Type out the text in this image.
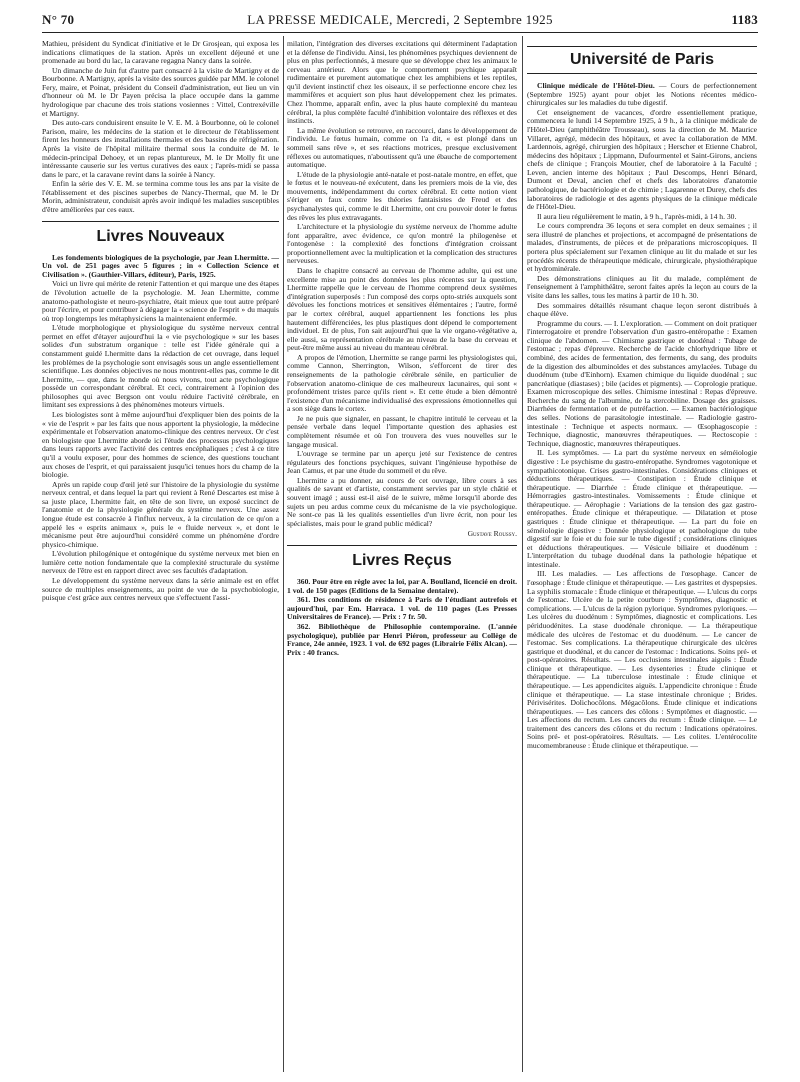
N° 70	LA PRESSE MEDICALE, Mercredi, 2 Septembre 1925	1183

Mathieu, président du Syndicat d'initiative et le Dr Grosjean, qui exposa les indications climatiques de la station. Après un excellent déjeuné et une promenade au bord du lac, la caravane regagna Nancy dans la soirée.

Un dimanche de Juin fut d'autre part consacré à la visite de Martigny et de Bourbonne. A Martigny, après la visite des sources guidée par MM. le colonel Fery, maire, et Poinat, président du Conseil d'administration, eut lieu un vin d'honneur où M. le Dr Payen précisa la place occupée dans la gamme hydrologique par chacune des trois stations vosiennes : Vittel, Contrexéville et Martigny.

Des auto-cars conduisirent ensuite le V. E. M. à Bourbonne, où le colonel Parison, maire, les médecins de la station et le directeur de l'établissement firent les honneurs des installations thermales et des bassins de réfrigération. Après la visite de l'hôpital militaire thermal sous la conduite de M. le médecin-principal Dehoey, et un repas plantureux, M. le Dr Molly fit une intéressante causerie sur les vertus curatives des eaux ; l'après-midi se passa dans le parc, et la caravane revint dans la soirée à Nancy.

Enfin la série des V. E. M. se termina comme tous les ans par la visite de l'établissement et des piscines superbes de Nancy-Thermal, que M. le Dr Morin, administrateur, conduisit après avoir indiqué les maladies susceptibles d'être améliorées par ces eaux.

Livres Nouveaux

Les fondements biologiques de la psychologie, par Jean Lhermitte. — Un vol. de 251 pages avec 5 figures ; in « Collection Science et Civilisation ». (Gauthier-Villars, éditeur), Paris, 1925.

Voici un livre qui mérite de retenir l'attention et qui marque une des étapes de l'évolution actuelle de la psychologie. M. Jean Lhermitte, comme anatomo-pathologiste et neuro-psychiatre, était mieux que tout autre préparé pour l'écrire, et pour contribuer à dégager la « science de l'esprit » du maquis où trop longtemps les métaphysiciens la maintenaient enfermée.

L'étude morphologique et physiologique du système nerveux central permet en effet d'étayer aujourd'hui la « vie psychologique » sur les bases solides d'un substratum organique : telle est l'idée générale qui a constamment guidé Lhermitte dans la rédaction de cet ouvrage, dans lequel les problèmes de la psychologie sont envisagés sous un angle essentiellement scientifique. Les données objectives ne nous montrent-elles pas, comme le dit Lhermitte, — que, dans le monde où nous vivons, tout acte psychologique possède un correspondant cérébral. Et ceci, contrairement à l'opinion des philosophes qui avec Bergson ont voulu réduire l'activité cérébrale, en limitant ses expressions à des phénomènes moteurs virtuels.

Les biologistes sont à même aujourd'hui d'expliquer bien des points de la « vie de l'esprit » par les faits que nous apportent la physiologie, la médecine expérimentale et l'observation anatomo-clinique des centres nerveux. Or c'est en biologiste que Lhermitte aborde ici l'étude des processus psychologiques dans leurs rapports avec l'activité des centres encéphaliques ; c'est à ce titre qu'il a voulu exposer, pour des hommes de science, des questions touchant aux choses de l'esprit, et qui paraissaient jusqu'ici tenues hors du champ de la biologie.

Après un rapide coup d'œil jeté sur l'histoire de la physiologie du système nerveux central, et dans lequel la part qui revient à René Descartes est mise à sa juste place, Lhermitte fait, en tête de son livre, un exposé succinct de l'anatomie et de la physiologie générale du système nerveux. Une assez longue étude est consacrée à l'influx nerveux, à la circulation de ce qu'on a appelé les « esprits animaux », puis le « fluide nerveux », et dont le mécanisme peut être aujourd'hui considéré comme un phénomène d'ordre physico-chimique.

L'évolution philogénique et ontogénique du système nerveux met bien en lumière cette notion fondamentale que la complexité structurale du système nerveux de l'être est en rapport direct avec ses facultés d'adaptation.

Le développement du système nerveux dans la série animale est en effet source de multiples enseignements, au point de vue de la psychobiologie, puisque c'est grâce aux centres nerveux que s'effectuent l'assi-

milation, l'intégration des diverses excitations qui déterminent l'adaptation et la défense de l'individu. Ainsi, les phénomènes psychiques deviennent de plus en plus perfectionnés, à mesure que se développe chez les animaux le cerveau antérieur. Alors que le comportement psychique apparaît rudimentaire et purement automatique chez les amphibiens et les reptiles, qu'il devient instinctif chez les oiseaux, il se perfectionne encore chez les mammifères et acquiert son plus haut développement chez les primates. Chez l'homme, apparaît enfin, avec la plus haute complexité du manteau cérébral, la plus complète faculté d'inhibition volontaire des réflexes et des instincts.

La même évolution se retrouve, en raccourci, dans le développement de l'individu. Le fœtus humain, comme on l'a dit, « est plongé dans un sommeil sans rêve », et ses réactions motrices, presque exclusivement réflexes ou automatiques, n'aboutissent qu'à une ébauche de comportement automatique.

L'étude de la physiologie anté-natale et post-natale montre, en effet, que le fœtus et le nouveau-né exécutent, dans les premiers mois de la vie, des mouvements, indépendamment du cortex cérébral. Et cette notion vient s'ériger en faux contre les théories fantaisistes de Freud et des psychanalystes qui, comme le dit Lhermitte, ont cru pouvoir doter le fœtus des rêves les plus extravagants.

L'architecture et la physiologie du système nerveux de l'homme adulte font apparaître, avec évidence, ce qu'on montré la philogenèse et l'ontogenèse : la complexité des fonctions d'intégration croissant proportionnellement avec la multiplication et la complication des structures nerveuses.

Dans le chapitre consacré au cerveau de l'homme adulte, qui est une excellente mise au point des données les plus récentes sur la question, Lhermitte rappelle que le cerveau de l'homme comprend deux systèmes d'intégration superposés : l'un composé des corps opto-striés auxquels sont dévolues les fonctions motrices et sensitives élémentaires ; l'autre, formé par le cortex cérébral, auquel appartiennent les fonctions les plus hautement différenciées, les plus plastiques dont dépend le comportement individuel. Et de plus, l'on sait aujourd'hui que la vie organo-végétative a, elle aussi, sa représentation cérébrale au niveau de la base du cerveau et peut-être même aussi au niveau du manteau cérébral.

A propos de l'émotion, Lhermitte se range parmi les physiologistes qui, comme Cannon, Sherrington, Wilson, s'efforcent de tirer des renseignements de la pathologie cérébrale sénile, en particulier de l'observation anatomo-clinique de ces malheureux lacunaires, qui sont « profondément tristes parce qu'ils rient ». Et cette étude a bien démontré l'existence d'un mécanisme individualisé des expressions émotionnelles qui a son siège dans le cortex.

Je ne puis que signaler, en passant, le chapitre intitulé le cerveau et la pensée verbale dans lequel l'importante question des aphasies est complètement résumée et où l'on trouvera des vues nouvelles sur le langage musical.

L'ouvrage se termine par un aperçu jeté sur l'existence de centres régulateurs des fonctions psychiques, suivant l'ingénieuse hypothèse de Jean Camus, et par une étude du sommeil et du rêve.

Lhermitte a pu donner, au cours de cet ouvrage, libre cours à ses qualités de savant et d'artiste, constamment servies par un style châtié et souvent imagé ; aussi est-il aisé de le suivre, même lorsqu'il aborde des sujets un peu ardus comme ceux du mécanisme de la vie psychologique. Ne sont-ce pas là les qualités essentielles d'un livre écrit, non pour les spécialistes, mais pour le grand public médical?

Gustave Roussy.
Livres Reçus

360. Pour être en règle avec la loi, par A. Boulland, licencié en droit. 1 vol. de 150 pages (Editions de la Semaine dentaire).

361. Des conditions de résidence à Paris de l'étudiant autrefois et aujourd'hui, par Em. Harraca. 1 vol. de 110 pages (Les Presses Universitaires de France). — Prix : 7 fr. 50.

362. Bibliothèque de Philosophie contemporaine. (L'année psychologique), publiée par Henri Piéron, professeur au Collège de France, 24e année, 1923. 1 vol. de 692 pages (Librairie Félix Alcan). — Prix : 40 francs.

Université de Paris

Clinique médicale de l'Hôtel-Dieu. — Cours de perfectionnement (Septembre 1925) ayant pour objet les Notions récentes médico-chirurgicales sur les maladies du tube digestif.

Cet enseignement de vacances, d'ordre essentiellement pratique, commencera le lundi 14 Septembre 1925, à 9 h., à la clinique médicale de l'Hôtel-Dieu (amphithéâtre Trousseau), sous la direction de M. Maurice Villaret, agrégé, médecin des hôpitaux, et avec la collaboration de MM. Lardennois, agrégé, chirurgien des hôpitaux ; Herscher et Etienne Chabrol, médecins des hôpitaux ; Lippmann, Dufourmentel et Saint-Girons, anciens chefs de clinique ; François Moutier, chef de laboratoire à la Faculté ; Leven, ancien interne des hôpitaux ; Paul Descomps, Henri Bénard, Dumont et Deval, ancien chef et chefs des laboratoires d'anatomie pathologique, de bactériologie et de chimie ; Lagarenne et Durey, chefs des laboratoires de radiologie et des agents physiques de la clinique médicale de l'Hôtel-Dieu.

Il aura lieu régulièrement le matin, à 9 h., l'après-midi, à 14 h. 30.

Le cours comprendra 36 leçons et sera complet en deux semaines ; il sera illustré de planches et projections, et accompagné de présentations de malades, d'instruments, de pièces et de préparations microscopiques. Il portera plus spécialement sur l'examen clinique au lit du malade et sur les procédés récents de thérapeutique médicale, chirurgicale, physiothérapique et hydrominérale.

Des démonstrations cliniques au lit du malade, complément de l'enseignement à l'amphithéâtre, seront faites après la leçon au cours de la visite dans les salles, tous les matins à partir de 10 h. 30.

Des sommaires détaillés résumant chaque leçon seront distribués à chaque élève.

Programme du cours. — I. L'exploration. — Comment on doit pratiquer l'interrogatoire et prendre l'observation d'un gastro-entéropathe : Examen clinique de l'abdomen. — Chimisme gastrique et duodénal : Tubage de l'estomac ; repas d'épreuve. Recherche de l'acide chlorhydrique libre et combiné, des acides de fermentation, des ferments, du sang, des produits de la digestion des albuminoïdes et des substances amylacées. Tubage du duodénum (tube d'Einhorn). Examen chimique du liquide duodénal ; suc pancréatique (diastases) ; bile (acides et pigments). — Coprologie pratique. Examen microscopique des selles. Chimisme intestinal : Repas d'épreuve. Recherche du sang de l'albumine, de la stercobiline. Dosage des graisses. Diarrhées de fermentation et de putréfaction. — Examen bactériologique des selles. Notions de parasitologie intestinale. — Radiologie gastro-intestinale : Technique et aspects normaux. — Œsophagoscopie : Technique, diagnostic, manœuvres thérapeutiques. — Rectoscopie : Technique, diagnostic, manœuvres thérapeutiques.

II. Les symptômes. — La part du système nerveux en séméiologie digestive : Le psychisme du gastro-entéropathe. Syndromes vagotonique et sympathicotonique. Crises gastro-intestinales. Considérations cliniques et déductions thérapeutiques. — Constipation : Étude clinique et thérapeutique. — Diarrhée : Étude clinique et thérapeutique. — Hémorragies gastro-intestinales. Vomissements : Étude clinique et thérapeutique. — Aérophagie : Variations de la tension des gaz gastro-entéropathes. Étude clinique et thérapeutique. — Dilatation et ptose gastriques : Étude clinique et thérapeutique. — La part du foie en séméiologie digestive : Donnée physiologique et pathologique du tube digestif sur le foie et du foie sur le tube digestif ; considérations cliniques et déductions thérapeutiques. — Vésicule biliaire et duodénum : L'interprétation du tubage duodénal dans la pathologie hépatique et intestinale.

III. Les maladies. — Les affections de l'œsophage. Cancer de l'œsophage : Étude clinique et thérapeutique. — Les gastrites et dyspepsies. La syphilis stomacale : Étude clinique et thérapeutique. — L'ulcus du corps de l'estomac. Ulcère de la petite courbure : Symptômes, diagnostic et complications. — L'ulcus de la région pylorique. Syndromes pyloriques. — Les ulcères du duodénum : Symptômes, diagnostic et complications. Les périduodénites. La stase duodénale chronique. — La thérapeutique médicale des ulcères de l'estomac et du duodénum. — Le cancer de l'estomac. Ses complications. La thérapeutique chirurgicale des ulcères gastrique et duodénal, et du cancer de l'estomac : Indications. Soins pré- et post-opératoires. Résultats. — Les occlusions intestinales aiguës : Étude clinique et thérapeutique. — Les dysenteries : Étude clinique et thérapeutique. — La tuberculose intestinale : Étude clinique et thérapeutique. — Les appendicites aiguës. L'appendicite chronique : Étude clinique et thérapeutique. — La stase intestinale chronique ; Brides. Périvisérites. Dolichocôlons. Mégacôlons. Étude clinique et indications thérapeutiques. — Les cancers des côlons : Symptômes et diagnostic. — Les affections du rectum. Les cancers du rectum : Étude clinique. — Le traitement des cancers des côlons et du rectum : Indications opératoires. Soins pré- et post-opératoires. Résultats. — Les colites. L'entérocolite mucomembraneuse : Étude clinique et thérapeutique. —
